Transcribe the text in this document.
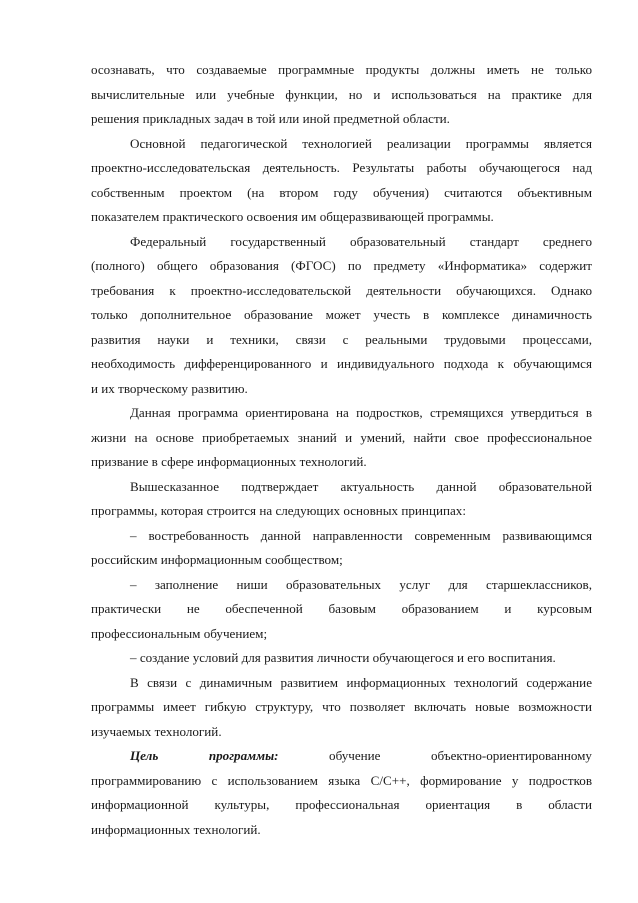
осознавать, что создаваемые программные продукты должны иметь не только
вычислительные или учебные функции, но и использоваться на практике для
решения прикладных задач в той или иной предметной области.
Основной педагогической технологией реализации программы является
проектно-исследовательская деятельность. Результаты работы обучающегося над
собственным проектом (на втором году обучения) считаются объективным
показателем практического освоения им общеразвивающей программы.
Федеральный государственный образовательный стандарт среднего
(полного) общего образования (ФГОС) по предмету «Информатика» содержит
требования к проектно-исследовательской деятельности обучающихся. Однако
только дополнительное образование может учесть в комплексе динамичность
развития науки и техники, связи с реальными трудовыми процессами,
необходимость дифференцированного и индивидуального подхода к обучающимся
и их творческому развитию.
Данная программа ориентирована на подростков, стремящихся утвердиться в
жизни на основе приобретаемых знаний и умений, найти свое профессиональное
призвание в сфере информационных технологий.
Вышесказанное подтверждает актуальность данной образовательной
программы, которая строится на следующих основных принципах:
– востребованность данной направленности современным развивающимся
российским информационным сообществом;
– заполнение ниши образовательных услуг для старшеклассников,
практически не обеспеченной базовым образованием и курсовым
профессиональным обучением;
– создание условий для развития личности обучающегося и его воспитания.
В связи с динамичным развитием информационных технологий содержание
программы имеет гибкую структуру, что позволяет включать новые возможности
изучаемых технологий.
Цель	программы:	обучение	объектно-ориентированному
программированию с использованием языка С/С++, формирование у подростков
информационной культуры, профессиональная ориентация в области
информационных технологий.
